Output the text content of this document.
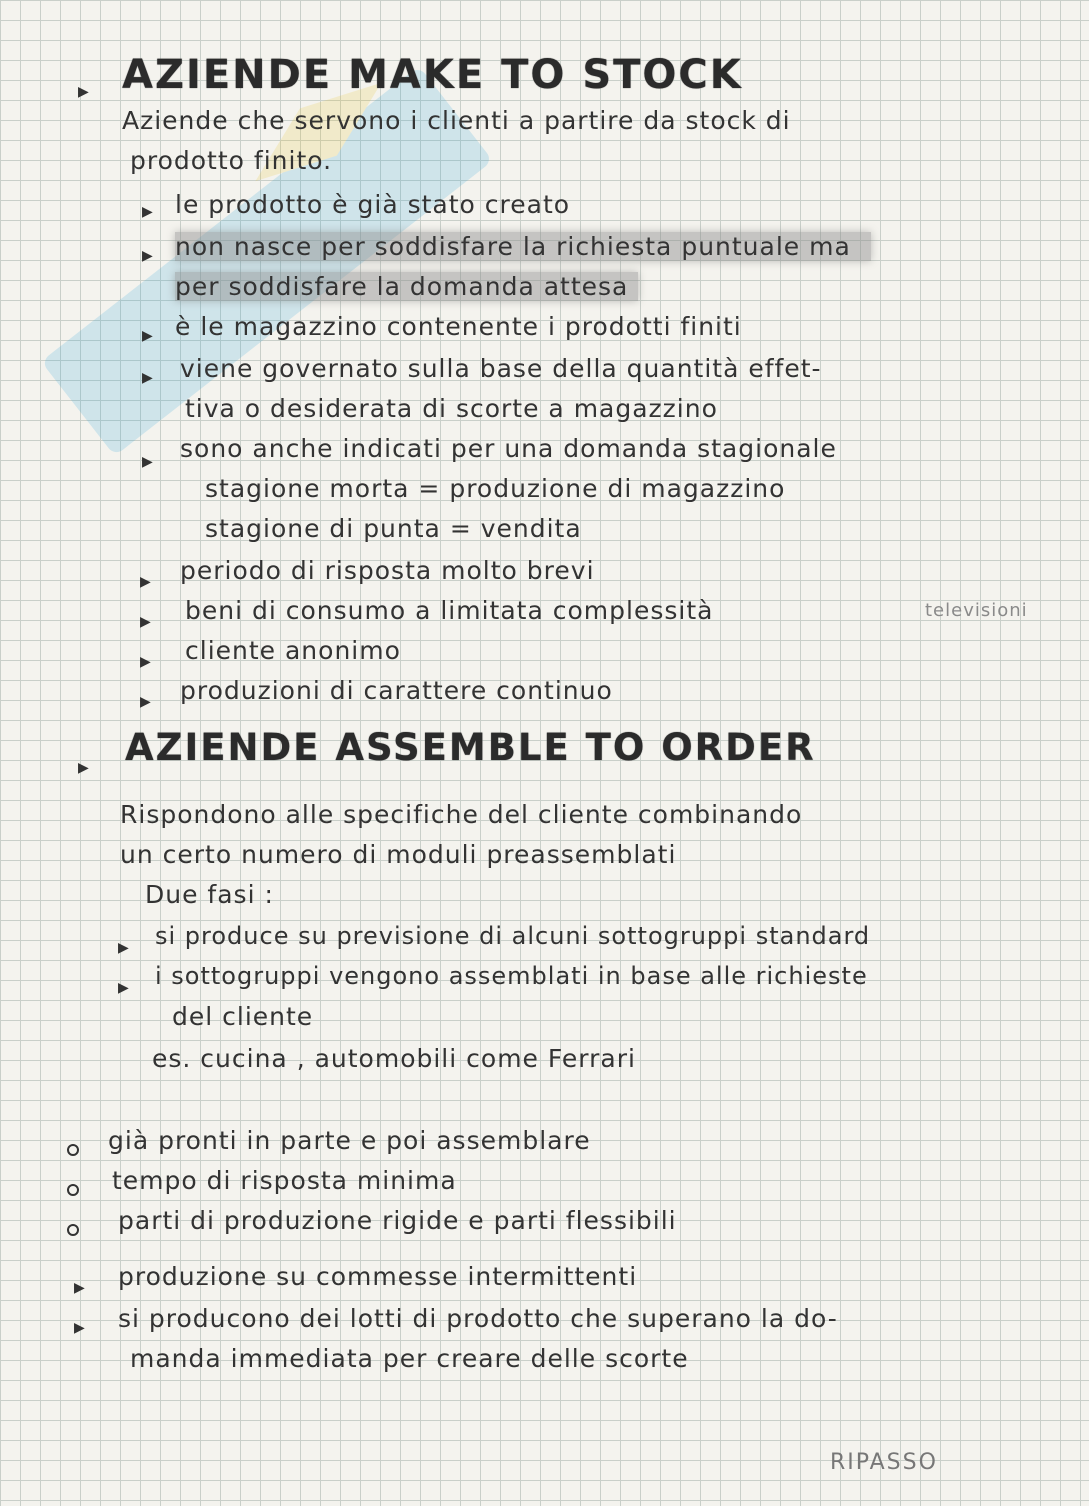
▶ AZIENDE MAKE TO STOCK
Aziende che servono i clienti a partire da stock di
prodotto finito.
▶ le prodotto è già stato creato
▶ non nasce per soddisfare la richiesta puntuale ma
per soddisfare la domanda attesa
▶ è le magazzino contenente i prodotti finiti
▶ viene governato sulla base della quantità effet-
tiva o desiderata di scorte a magazzino
▶ sono anche indicati per una domanda stagionale
stagione morta = produzione di magazzino
stagione di punta = vendita
▶ periodo di risposta molto brevi
▶ beni di consumo a limitata complessità	televisioni
▶ cliente anonimo
▶ produzioni di carattere continuo
▶ AZIENDE ASSEMBLE TO ORDER
Rispondono alle specifiche del cliente combinando
un certo numero di moduli preassemblati
Due fasi :
▶ si produce su previsione di alcuni sottogruppi standard
▶ i sottogruppi vengono assemblati in base alle richieste
del cliente
es. cucina , automobili come Ferrari
già pronti in parte e poi assemblare
tempo di risposta minima
parti di produzione rigide e parti flessibili
▶ produzione su commesse intermittenti
▶ si producono dei lotti di prodotto che superano la do-
manda immediata per creare delle scorte
RIPASSO
